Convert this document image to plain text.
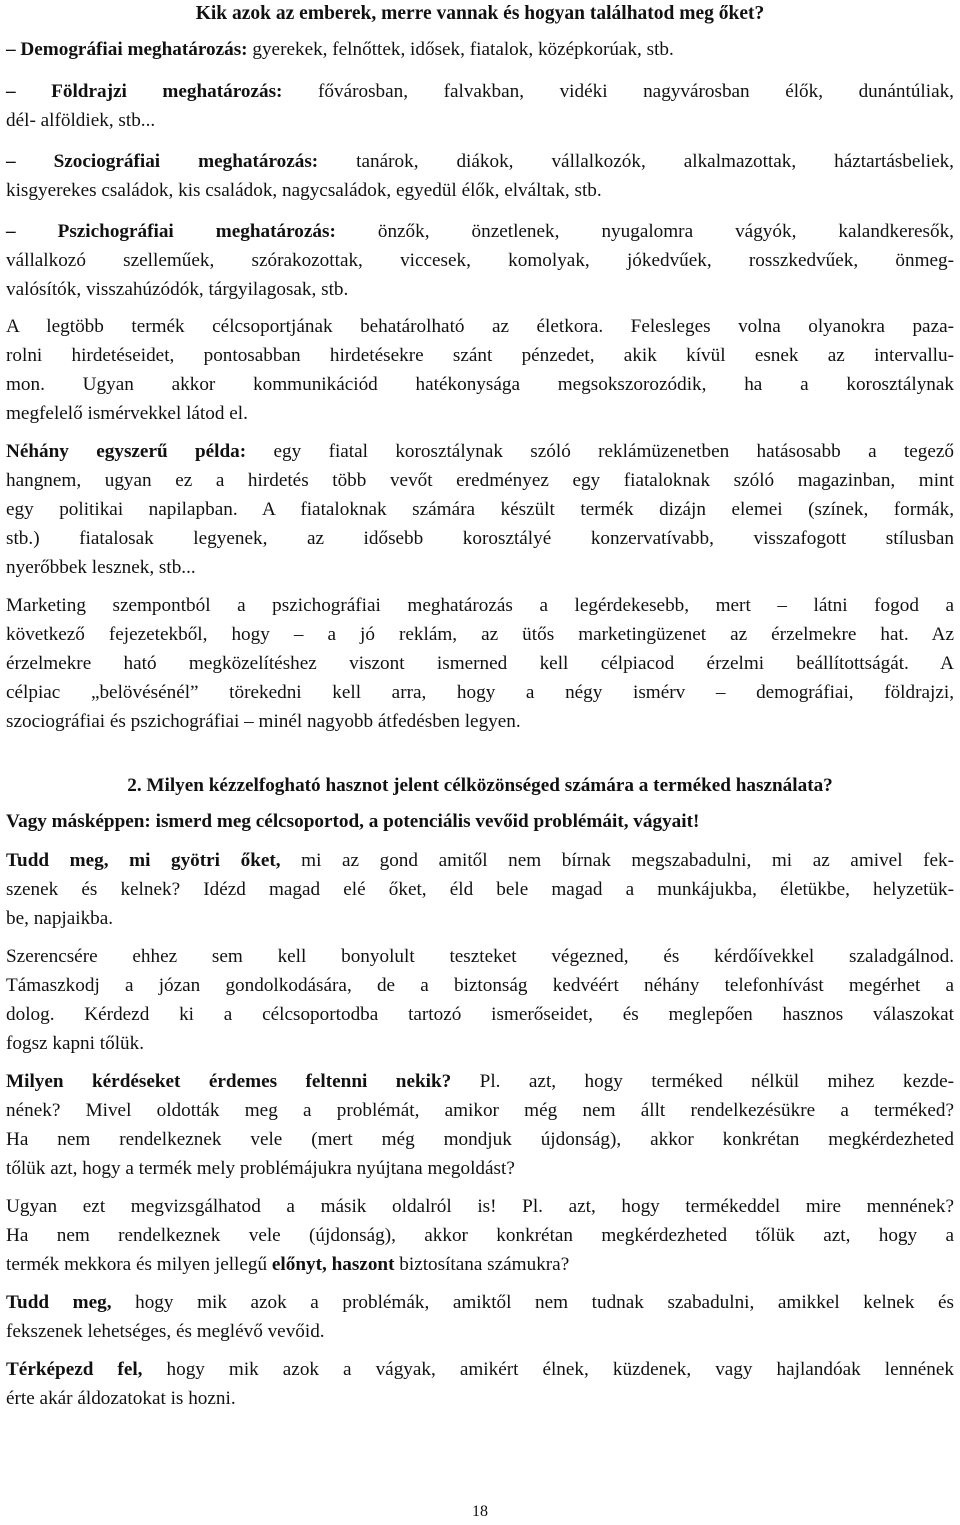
Kik azok az emberek, merre vannak és hogyan találhatod meg őket?

– Demográfiai meghatározás: gyerekek, felnőttek, idősek, fiatalok, középkorúak, stb.

– Földrajzi meghatározás: fővárosban, falvakban, vidéki nagyvárosban élők, dunántúliak,
dél- alföldiek, stb...

– Szociográfiai meghatározás: tanárok, diákok, vállalkozók, alkalmazottak, háztartásbeliek,
kisgyerekes családok, kis családok, nagycsaládok, egyedül élők, elváltak, stb.

– Pszichográfiai meghatározás: önzők, önzetlenek, nyugalomra vágyók, kalandkeresők,
vállalkozó szelleműek, szórakozottak, viccesek, komolyak, jókedvűek, rosszkedvűek, önmeg-
valósítók, visszahúzódók, tárgyilagosak, stb.

A legtöbb termék célcsoportjának behatárolható az életkora. Felesleges volna olyanokra paza-
rolni hirdetéseidet, pontosabban hirdetésekre szánt pénzedet, akik kívül esnek az intervallu-
mon. Ugyan akkor kommunikációd hatékonysága megsokszorozódik, ha a korosztálynak
megfelelő ismérvekkel látod el.

Néhány egyszerű példa: egy fiatal korosztálynak szóló reklámüzenetben hatásosabb a tegező
hangnem, ugyan ez a hirdetés több vevőt eredményez egy fiataloknak szóló magazinban, mint
egy politikai napilapban. A fiataloknak számára készült termék dizájn elemei (színek, formák,
stb.) fiatalosak legyenek, az idősebb korosztályé konzervatívabb, visszafogott stílusban
nyerőbbek lesznek, stb...

Marketing szempontból a pszichográfiai meghatározás a legérdekesebb, mert – látni fogod a
következő fejezetekből, hogy – a jó reklám, az ütős marketingüzenet az érzelmekre hat. Az
érzelmekre ható megközelítéshez viszont ismerned kell célpiacod érzelmi beállítottságát. A
célpiac „belövésénél” törekedni kell arra, hogy a négy ismérv – demográfiai, földrajzi,
szociográfiai és pszichográfiai – minél nagyobb átfedésben legyen.

2. Milyen kézzelfogható hasznot jelent célközönséged számára a terméked használata?

Vagy másképpen: ismerd meg célcsoportod, a potenciális vevőid problémáit, vágyait!

Tudd meg, mi gyötri őket, mi az gond amitől nem bírnak megszabadulni, mi az amivel fek-
szenek és kelnek? Idézd magad elé őket, éld bele magad a munkájukba, életükbe, helyzetük-
be, napjaikba.

Szerencsére ehhez sem kell bonyolult teszteket végezned, és kérdőívekkel szaladgálnod.
Támaszkodj a józan gondolkodására, de a biztonság kedvéért néhány telefonhívást megérhet a
dolog. Kérdezd ki a célcsoportodba tartozó ismerőseidet, és meglepően hasznos válaszokat
fogsz kapni tőlük.

Milyen kérdéseket érdemes feltenni nekik? Pl. azt, hogy terméked nélkül mihez kezde-
nének? Mivel oldották meg a problémát, amikor még nem állt rendelkezésükre a terméked?
Ha nem rendelkeznek vele (mert még mondjuk újdonság), akkor konkrétan megkérdezheted
tőlük azt, hogy a termék mely problémájukra nyújtana megoldást?

Ugyan ezt megvizsgálhatod a másik oldalról is! Pl. azt, hogy termékeddel mire mennének?
Ha nem rendelkeznek vele (újdonság), akkor konkrétan megkérdezheted tőlük azt, hogy a
termék mekkora és milyen jellegű előnyt, haszont biztosítana számukra?

Tudd meg, hogy mik azok a problémák, amiktől nem tudnak szabadulni, amikkel kelnek és
fekszenek lehetséges, és meglévő vevőid.

Térképezd fel, hogy mik azok a vágyak, amikért élnek, küzdenek, vagy hajlandóak lennének
érte akár áldozatokat is hozni.

18
